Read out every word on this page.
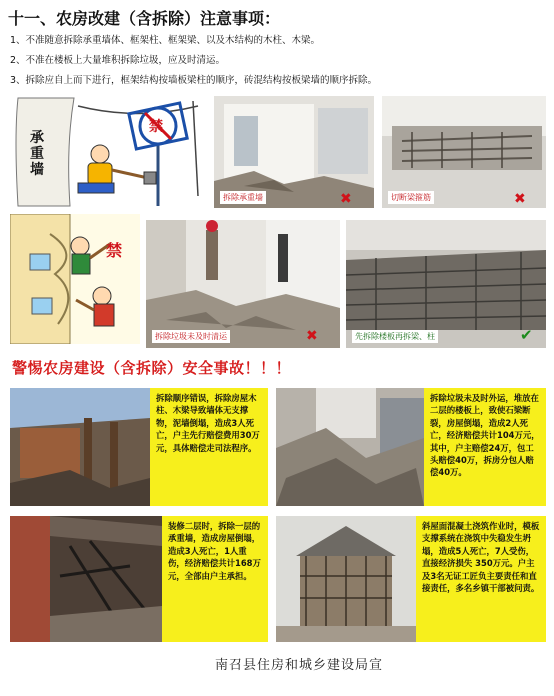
十一、农房改建（含拆除）注意事项：
1、不准随意拆除承重墙体、框架柱、框架梁、以及木结构的木柱、木梁。
2、不准在楼板上大量堆积拆除垃圾，应及时清运。
3、拆除应自上而下进行，框架结构按墙板梁柱的顺序，砖混结构按板梁墙的顺序拆除。
承重墙
禁
拆除承重墙	✖	切断梁箍筋	✖
禁
拆除垃圾未及时清运	✖	先拆除楼板再拆梁、柱	✔
警惕农房建设（含拆除）安全事故！！！
拆除顺序错误，拆除房屋木柱、木梁导致墙体无支撑物，泥墙倒塌，造成3人死亡，户主先行赔偿费用30万元，具体赔偿走司法程序。
拆除垃圾未及时外运，堆放在二层的楼板上，致使石梁断裂，房屋倒塌，造成2人死亡，经济赔偿共计104万元，其中，户主赔偿24万，包工头赔偿40万，拆房分包人赔偿40万。
装修二层时，拆除一层的承重墙，造成房屋倒塌，造成3人死亡，1人重伤，经济赔偿共计168万元，全部由户主承担。
斜屋面混凝土浇筑作业时，模板支撑系统在浇筑中失稳发生坍塌，造成5人死亡，7人受伤，直接经济损失 350万元。户主及3名无证工匠负主要责任和直接责任，多名乡镇干部被问责。
南召县住房和城乡建设局宣
